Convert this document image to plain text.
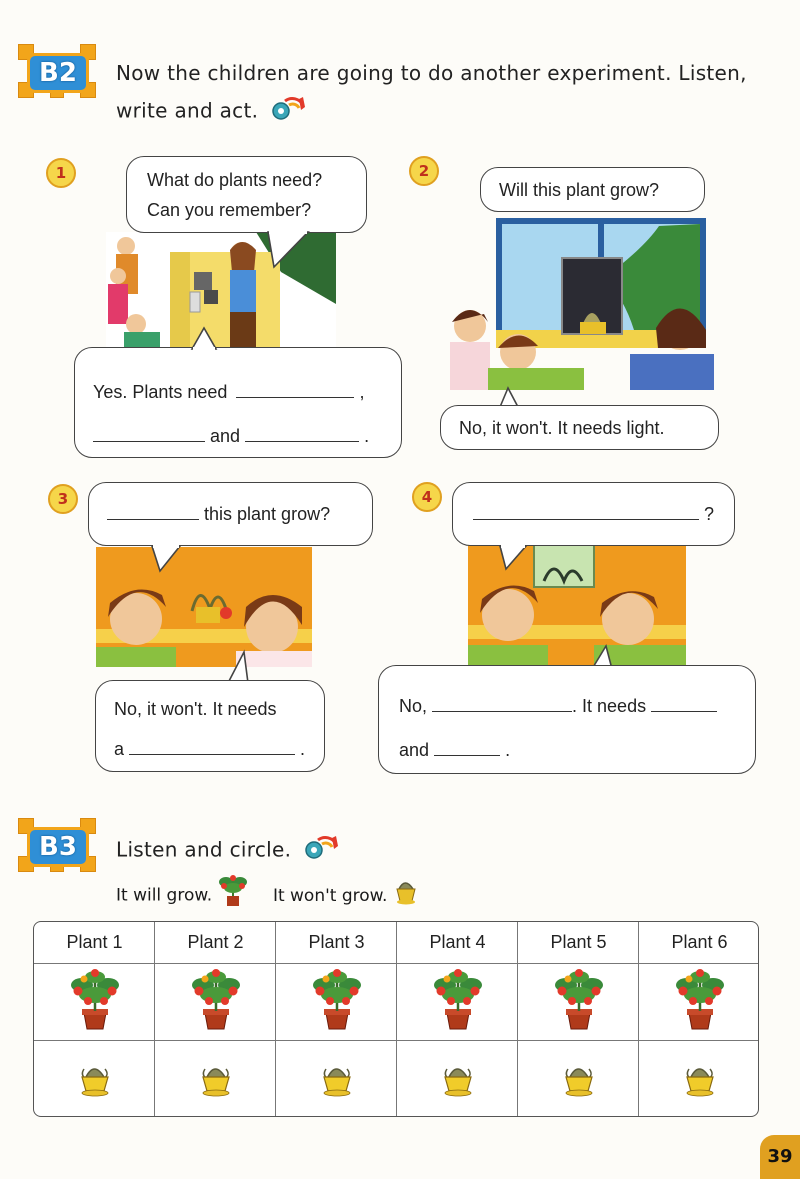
B2	Now the children are going to do another experiment. Listen,
write and act.
1	What do plants need?
Can you remember?
Yes. Plants need	,
and	.
2
Will this plant grow?
No, it won't. It needs light.
3
this plant grow?
No, it won't. It needs
a	.
4
?
No,	. It needs
and	.
B3	Listen and circle.
It will grow.	It won't grow.
Plant 1	Plant 2	Plant 3	Plant 4	Plant 5	Plant 6
39
